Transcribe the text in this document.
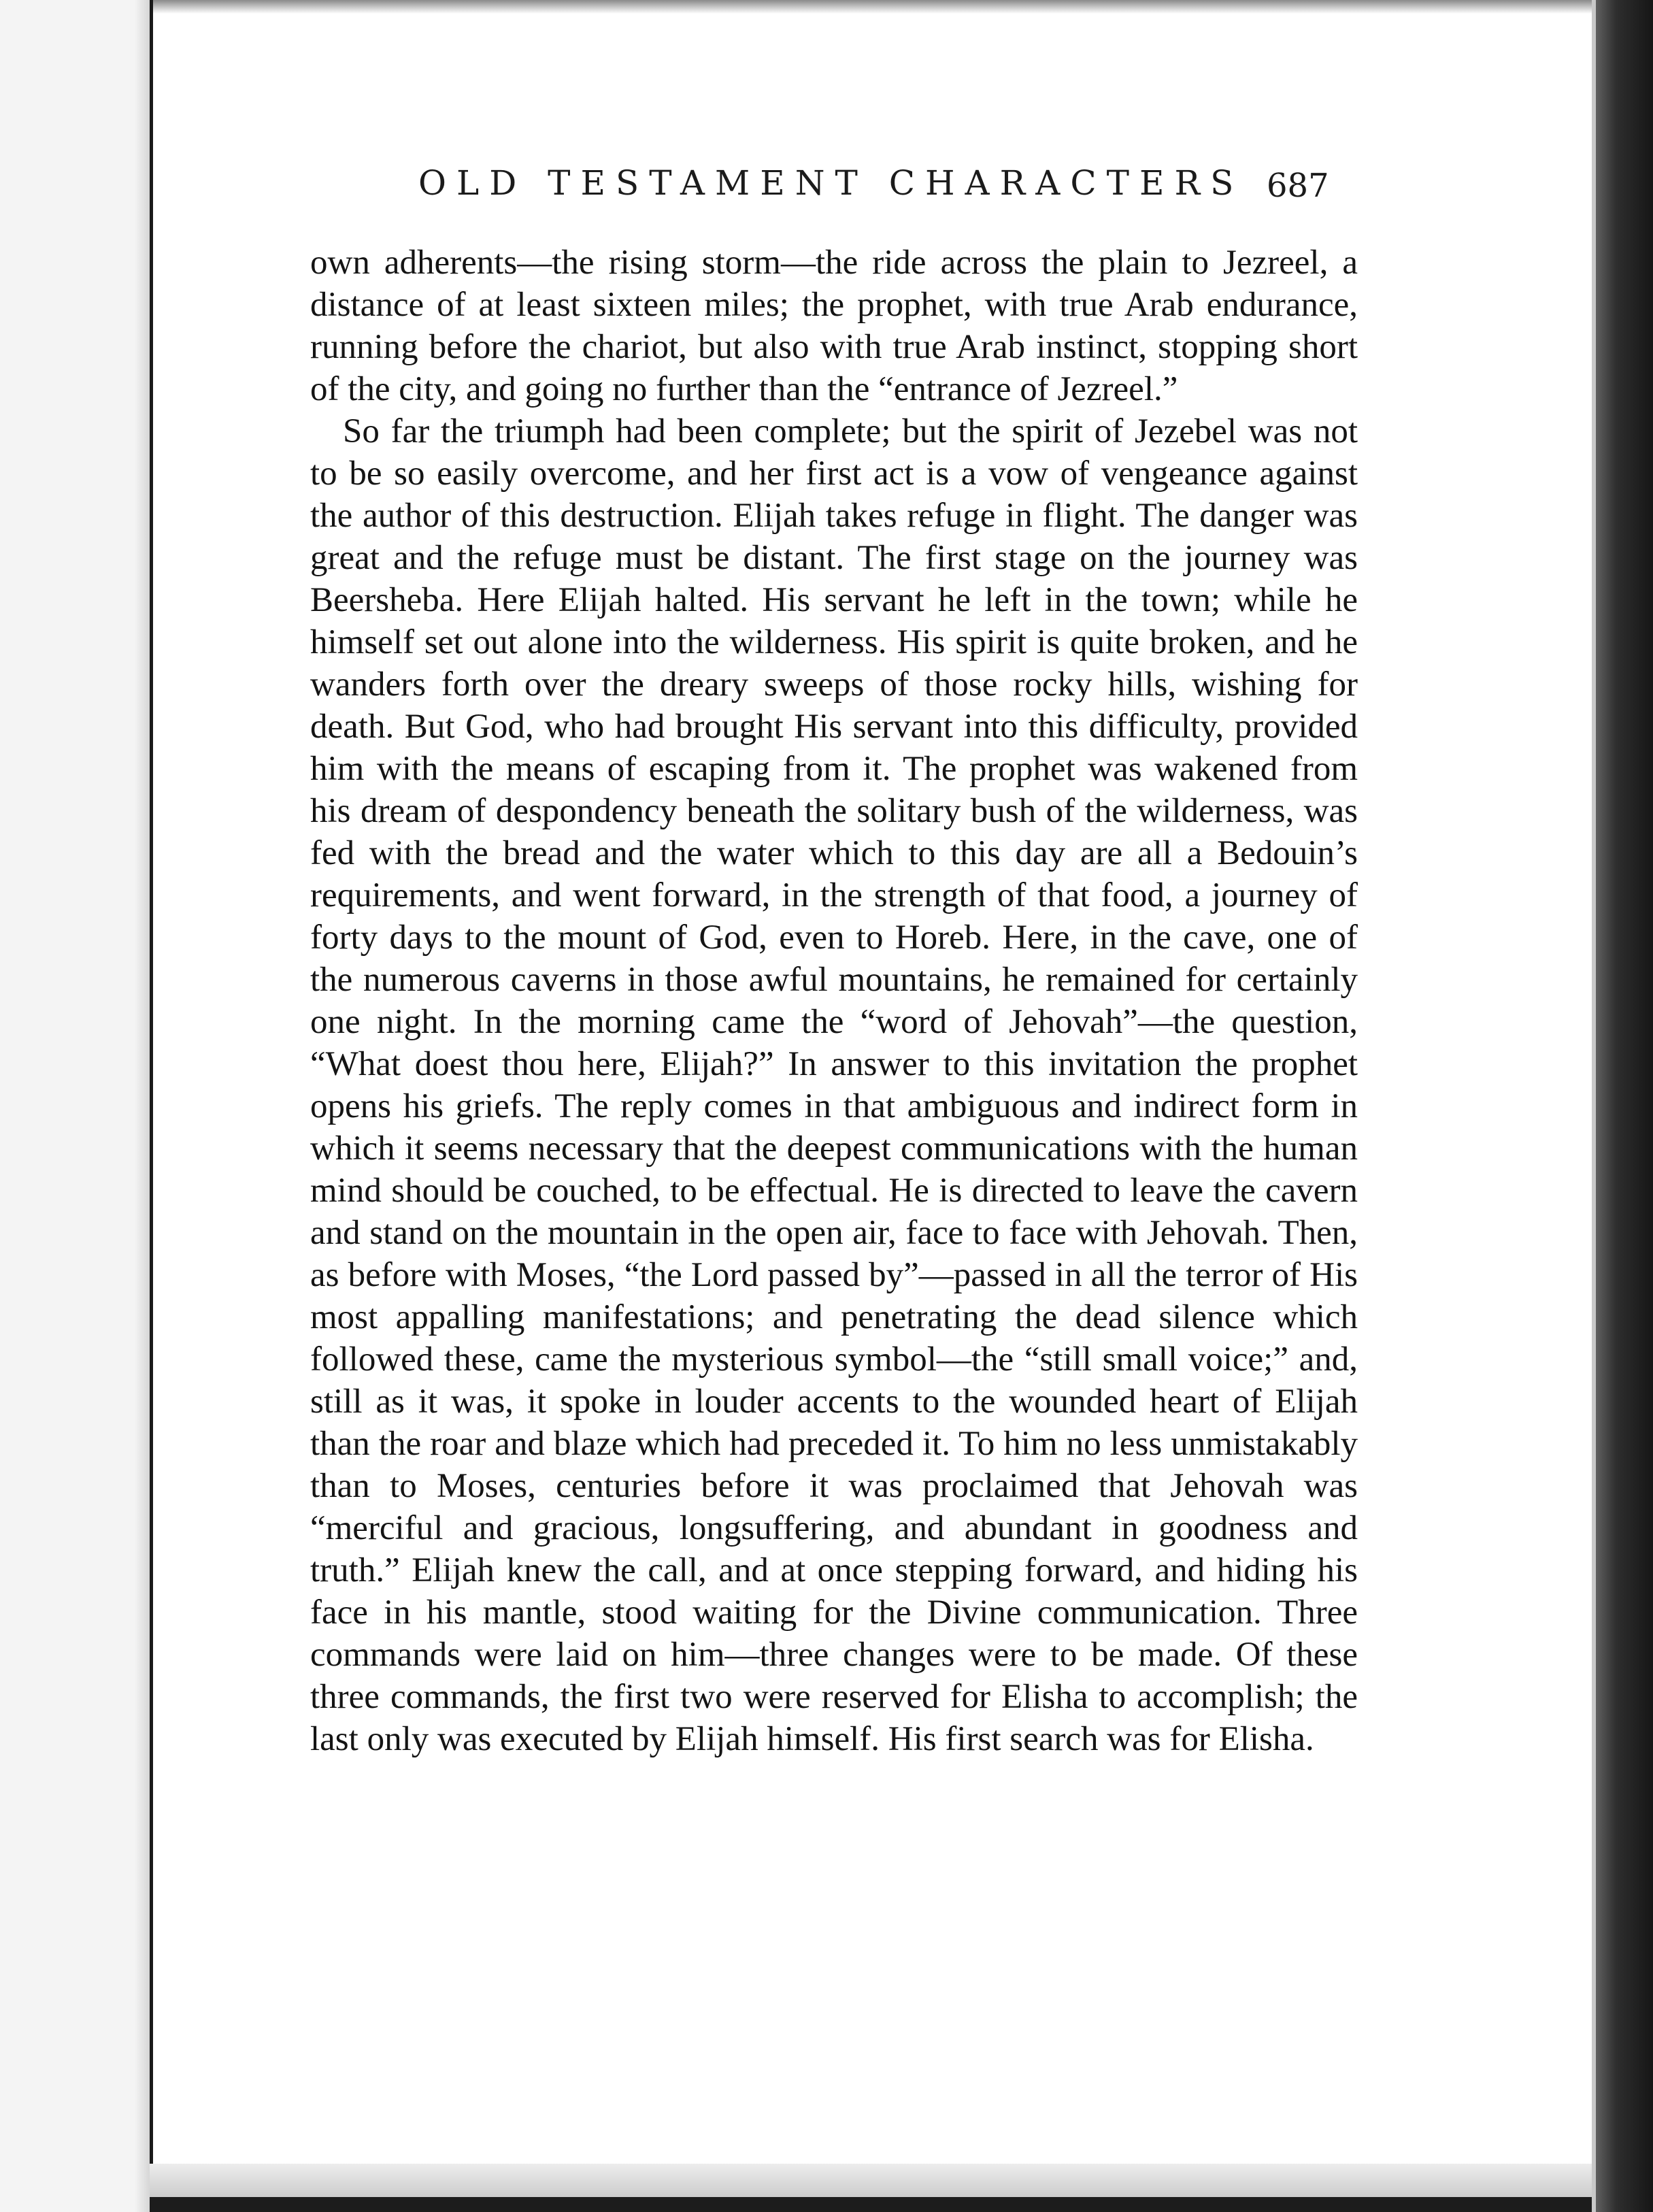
OLD TESTAMENT CHARACTERS 687

own adherents—the rising storm—the ride across the plain to Jezreel, a distance of at least sixteen miles; the prophet, with true Arab endurance, running before the chariot, but also with true Arab instinct, stopping short of the city, and going no further than the “entrance of Jezreel.”

So far the triumph had been complete; but the spirit of Jezebel was not to be so easily overcome, and her first act is a vow of vengeance against the author of this destruction. Elijah takes refuge in flight. The danger was great and the refuge must be distant. The first stage on the journey was Beersheba. Here Elijah halted. His servant he left in the town; while he himself set out alone into the wilderness. His spirit is quite broken, and he wanders forth over the dreary sweeps of those rocky hills, wishing for death. But God, who had brought His servant into this difficulty, provided him with the means of escaping from it. The prophet was wakened from his dream of despondency beneath the solitary bush of the wilderness, was fed with the bread and the water which to this day are all a Bedouin’s requirements, and went forward, in the strength of that food, a journey of forty days to the mount of God, even to Horeb. Here, in the cave, one of the numerous caverns in those awful mountains, he remained for certainly one night. In the morning came the “word of Jehovah”—the question, “What doest thou here, Elijah?” In answer to this invitation the prophet opens his griefs. The reply comes in that ambiguous and indirect form in which it seems necessary that the deepest communications with the human mind should be couched, to be effectual. He is directed to leave the cavern and stand on the mountain in the open air, face to face with Jehovah. Then, as before with Moses, “the Lord passed by”—passed in all the terror of His most appalling manifestations; and penetrating the dead silence which followed these, came the mysterious symbol—the “still small voice;” and, still as it was, it spoke in louder accents to the wounded heart of Elijah than the roar and blaze which had preceded it. To him no less unmistakably than to Moses, centuries before it was proclaimed that Jehovah was “merciful and gracious, longsuffering, and abundant in goodness and truth.” Elijah knew the call, and at once stepping forward, and hiding his face in his mantle, stood waiting for the Divine communication. Three commands were laid on him—three changes were to be made. Of these three commands, the first two were reserved for Elisha to accomplish; the last only was executed by Elijah himself. His first search was for Elisha.
